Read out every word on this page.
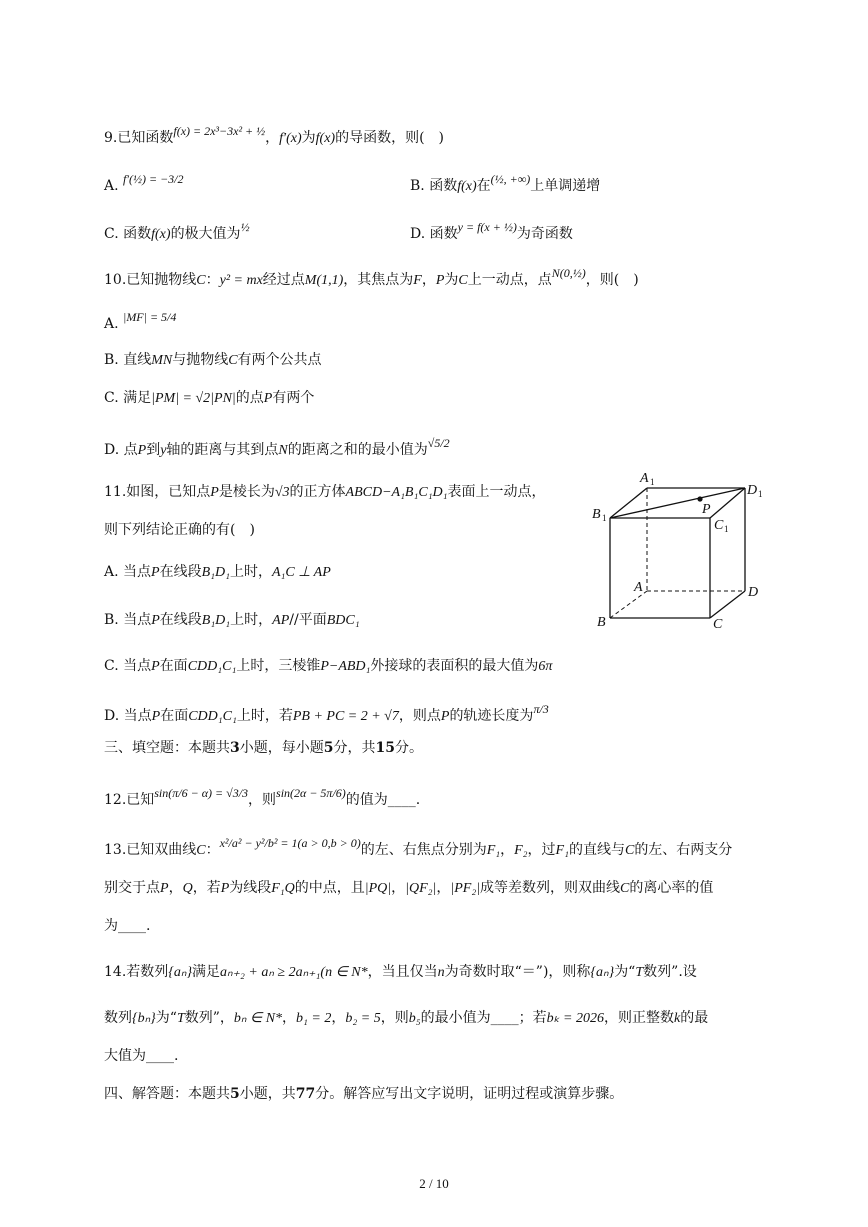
9.已知函数f(x) = 2x³−3x² + ½，f′(x)为f(x)的导函数，则(　)
A. f′(½) = −3/2	B. 函数f(x)在(½, +∞)上单调递增
C. 函数f(x)的极大值为½	D. 函数y = f(x + ½)为奇函数
10.已知抛物线C：y² = mx经过点M(1,1)，其焦点为F，P为C上一动点，点N(0,½)，则(　)
A. |MF| = 5/4
B. 直线MN与抛物线C有两个公共点
C. 满足|PM| = √2|PN|的点P有两个
D. 点P到y轴的距离与其到点N的距离之和的最小值为√5/2
11.如图，已知点P是棱长为√3的正方体ABCD−A₁B₁C₁D₁表面上一动点，
则下列结论正确的有(　)
A. 当点P在线段B₁D₁上时，A₁C ⊥ AP
B. 当点P在线段B₁D₁上时，AP//平面BDC₁
C. 当点P在面CDD₁C₁上时，三棱锥P−ABD₁外接球的表面积的最大值为6π
D. 当点P在面CDD₁C₁上时，若PB + PC = 2 + √7，则点P的轨迹长度为π/3
A 1
B 1	C 1
D 1
P
A
B	C
D
三、填空题：本题共3小题，每小题5分，共15分。
12.已知sin(π/6 − α) = √3/3，则sin(2α − 5π/6)的值为____.
13.已知双曲线C：x²/a² − y²/b² = 1(a > 0,b > 0)的左、右焦点分别为F₁，F₂，过F₁的直线与C的左、右两支分
别交于点P，Q，若P为线段F₁Q的中点，且|PQ|，|QF₂|，|PF₂|成等差数列，则双曲线C的离心率的值
为____.
14.若数列{aₙ}满足aₙ₊₂ + aₙ ≥ 2aₙ₊₁(n ∈ N*，当且仅当n为奇数时取“＝”)，则称{aₙ}为“T数列”.设
数列{bₙ}为“T数列”，bₙ ∈ N*，b₁ = 2，b₂ = 5，则b₅的最小值为____；若bₖ = 2026，则正整数k的最
大值为____.
四、解答题：本题共5小题，共77分。解答应写出文字说明，证明过程或演算步骤。
2 / 10
